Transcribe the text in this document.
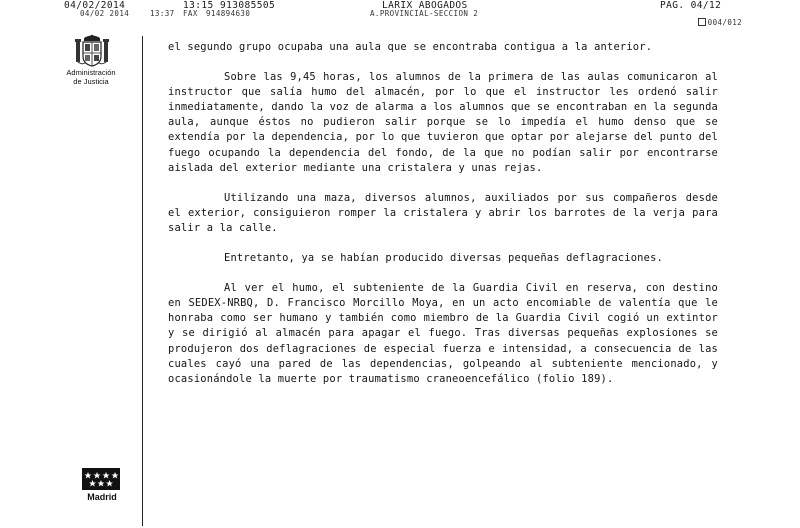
04/02/2014	13:15 913085505	LARIX ABOGADOS	PAG. 04/12
04/02 2014	13:37 FAX 914894630	A.PROVINCIAL-SECCION 2

004/012

Administración
de Justicia

el segundo grupo ocupaba una aula que se encontraba contigua a la anterior.

Sobre las 9,45 horas, los alumnos de la primera de las aulas comunicaron al instructor que salía humo del almacén, por lo que el instructor les ordenó salir inmediatamente, dando la voz de alarma a los alumnos que se encontraban en la segunda aula, aunque éstos no pudieron salir porque se lo impedía el humo denso que se extendía por la dependencia, por lo que tuvieron que optar por alejarse del punto del fuego ocupando la dependencia del fondo, de la que no podían salir por encontrarse aislada del exterior mediante una cristalera y unas rejas.

Utilizando una maza, diversos alumnos, auxiliados por sus compañeros desde el exterior, consiguieron romper la cristalera y abrir los barrotes de la verja para salir a la calle.

Entretanto, ya se habían producido diversas pequeñas deflagraciones.

Al ver el humo, el subteniente de la Guardia Civil en reserva, con destino en SEDEX-NRBQ, D. Francisco Morcillo Moya, en un acto encomiable de valentía que le honraba como ser humano y también como miembro de la Guardia Civil cogió un extintor y se dirigió al almacén para apagar el fuego. Tras diversas pequeñas explosiones se produjeron dos deflagraciones de especial fuerza e intensidad, a consecuencia de las cuales cayó una pared de las dependencias, golpeando al subteniente mencionado, y ocasionándole la muerte por traumatismo craneoencefálico (folio 189).

Madrid
